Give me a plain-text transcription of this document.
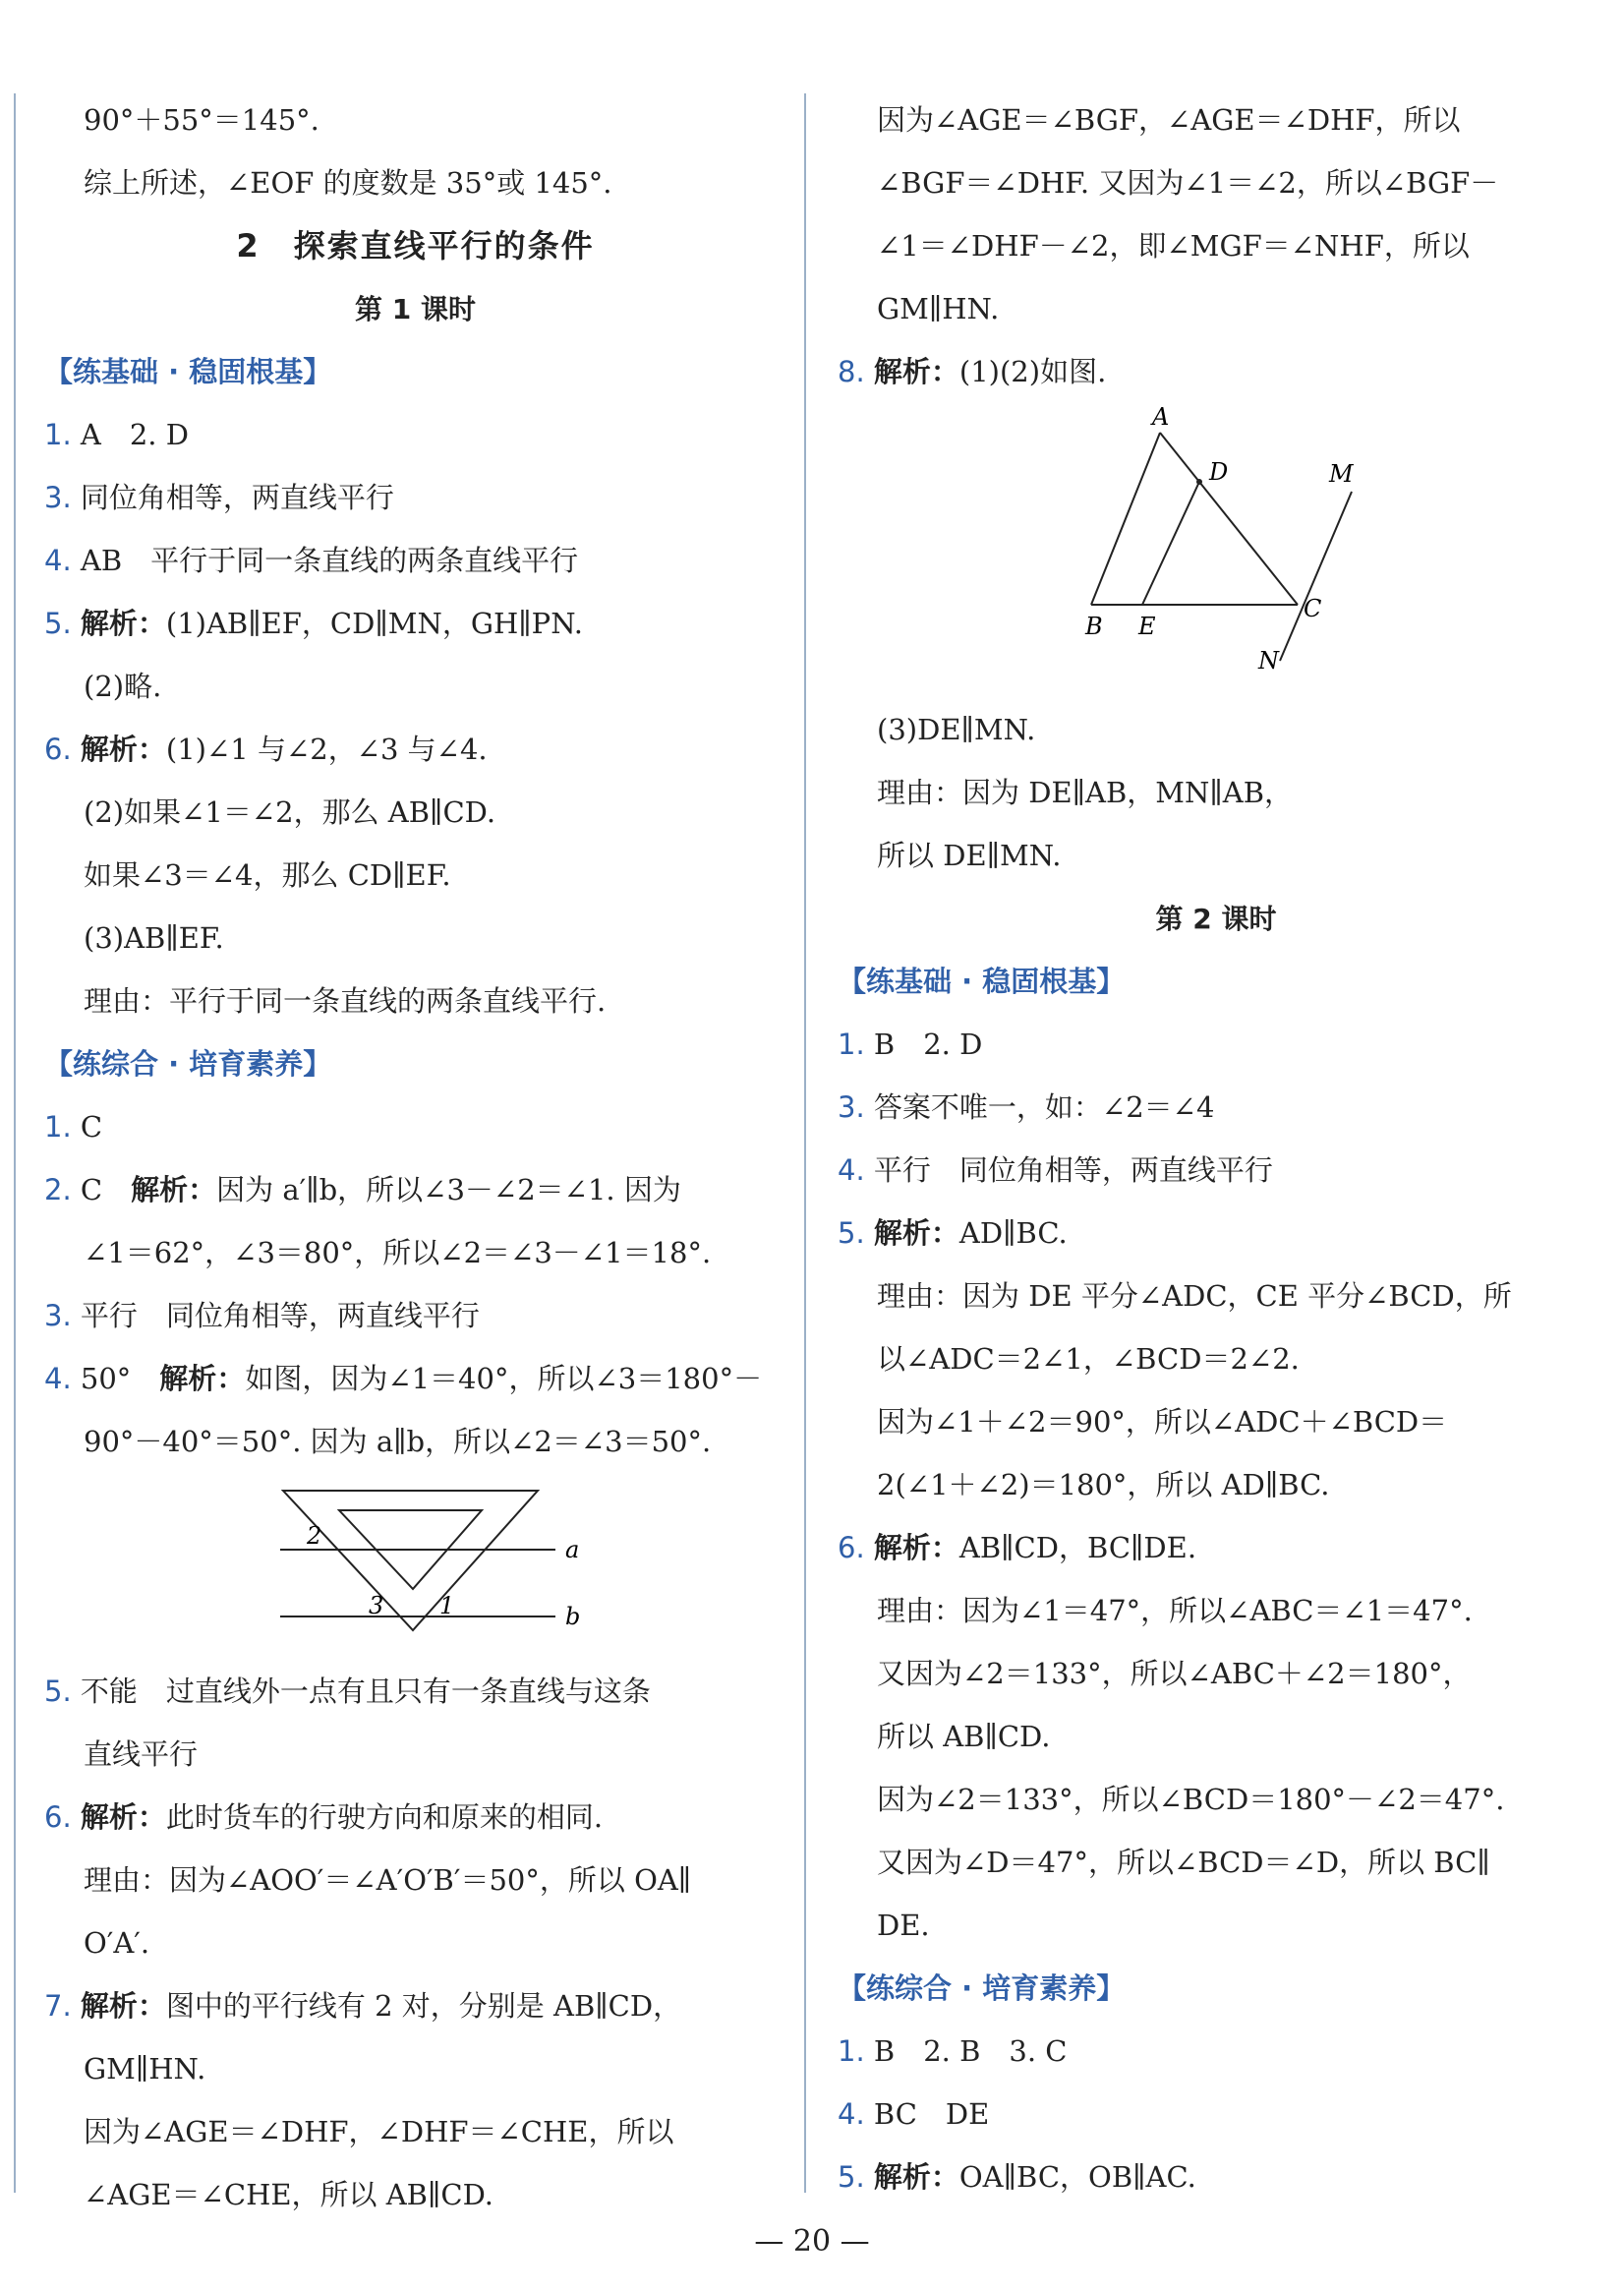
90°＋55°＝145°.
综上所述，∠EOF 的度数是 35°或 145°.
2　探索直线平行的条件
第 1 课时
【练基础 · 稳固根基】
1. A　2. D
3. 同位角相等，两直线平行
4. AB　平行于同一条直线的两条直线平行
5. 解析：(1)AB∥EF，CD∥MN，GH∥PN.
(2)略.
6. 解析：(1)∠1 与∠2，∠3 与∠4.
(2)如果∠1＝∠2，那么 AB∥CD.
如果∠3＝∠4，那么 CD∥EF.
(3)AB∥EF.
理由：平行于同一条直线的两条直线平行.
【练综合 · 培育素养】
1. C
2. C　解析：因为 a′∥b，所以∠3－∠2＝∠1. 因为
∠1＝62°，∠3＝80°，所以∠2＝∠3－∠1＝18°.
3. 平行　同位角相等，两直线平行
4. 50°　解析：如图，因为∠1＝40°，所以∠3＝180°－
90°－40°＝50°. 因为 a∥b，所以∠2＝∠3＝50°.
2
3 1
a
b
5. 不能　过直线外一点有且只有一条直线与这条
直线平行
6. 解析：此时货车的行驶方向和原来的相同.
理由：因为∠AOO′＝∠A′O′B′＝50°，所以 OA∥
O′A′.
7. 解析：图中的平行线有 2 对，分别是 AB∥CD，
GM∥HN.
因为∠AGE＝∠DHF，∠DHF＝∠CHE，所以
∠AGE＝∠CHE，所以 AB∥CD.
因为∠AGE＝∠BGF，∠AGE＝∠DHF，所以
∠BGF＝∠DHF. 又因为∠1＝∠2，所以∠BGF－
∠1＝∠DHF－∠2，即∠MGF＝∠NHF，所以
GM∥HN.
8. 解析：(1)(2)如图.
A
D	M
B E
C
N
(3)DE∥MN.
理由：因为 DE∥AB，MN∥AB，
所以 DE∥MN.
第 2 课时
【练基础 · 稳固根基】
1. B　2. D
3. 答案不唯一，如：∠2＝∠4
4. 平行　同位角相等，两直线平行
5. 解析：AD∥BC.
理由：因为 DE 平分∠ADC，CE 平分∠BCD，所
以∠ADC＝2∠1，∠BCD＝2∠2.
因为∠1＋∠2＝90°，所以∠ADC＋∠BCD＝
2(∠1＋∠2)＝180°，所以 AD∥BC.
6. 解析：AB∥CD，BC∥DE.
理由：因为∠1＝47°，所以∠ABC＝∠1＝47°.
又因为∠2＝133°，所以∠ABC＋∠2＝180°，
所以 AB∥CD.
因为∠2＝133°，所以∠BCD＝180°－∠2＝47°.
又因为∠D＝47°，所以∠BCD＝∠D，所以 BC∥
DE.
【练综合 · 培育素养】
1. B　2. B　3. C
4. BC　DE
5. 解析：OA∥BC，OB∥AC.
— 20 —
